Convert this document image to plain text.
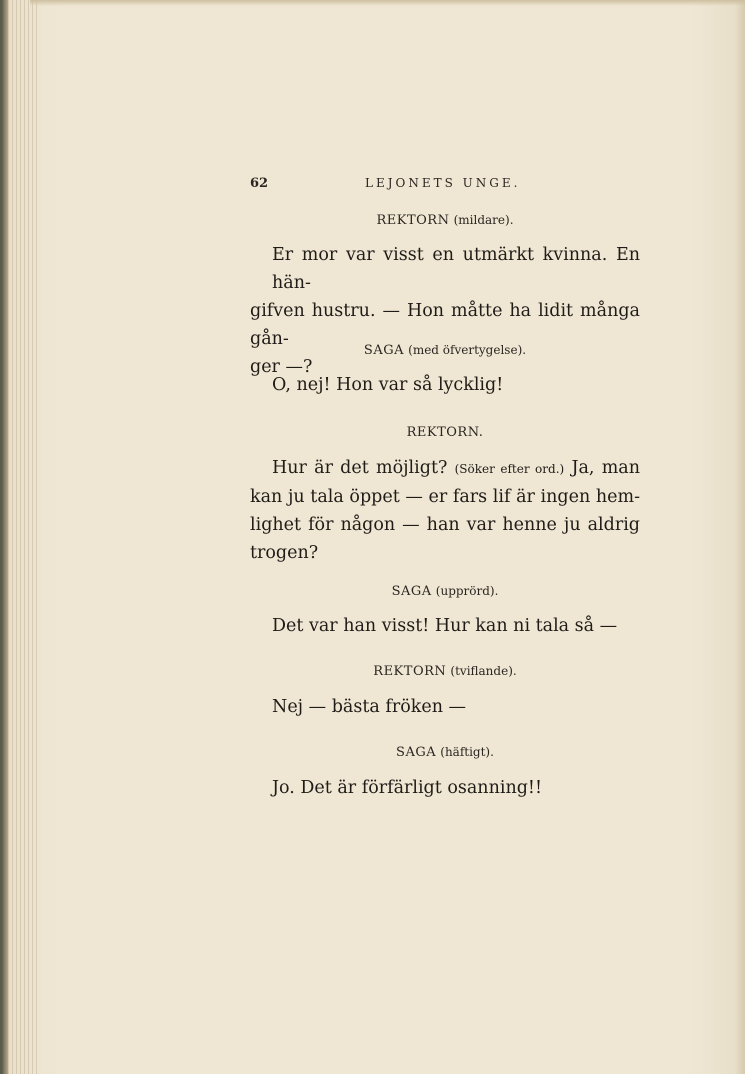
62	LEJONETS UNGE.
REKTORN (mildare).
Er mor var visst en utmärkt kvinna. En hän-
gifven hustru. — Hon måtte ha lidit många gån-
ger —?
SAGA (med öfvertygelse).
O, nej! Hon var så lycklig!
REKTORN.
Hur är det möjligt? (Söker efter ord.) Ja, man
kan ju tala öppet — er fars lif är ingen hem-
lighet för någon — han var henne ju aldrig
trogen?
SAGA (upprörd).
Det var han visst! Hur kan ni tala så —
REKTORN (tviflande).
Nej — bästa fröken —
SAGA (häftigt).
Jo. Det är förfärligt osanning!!
